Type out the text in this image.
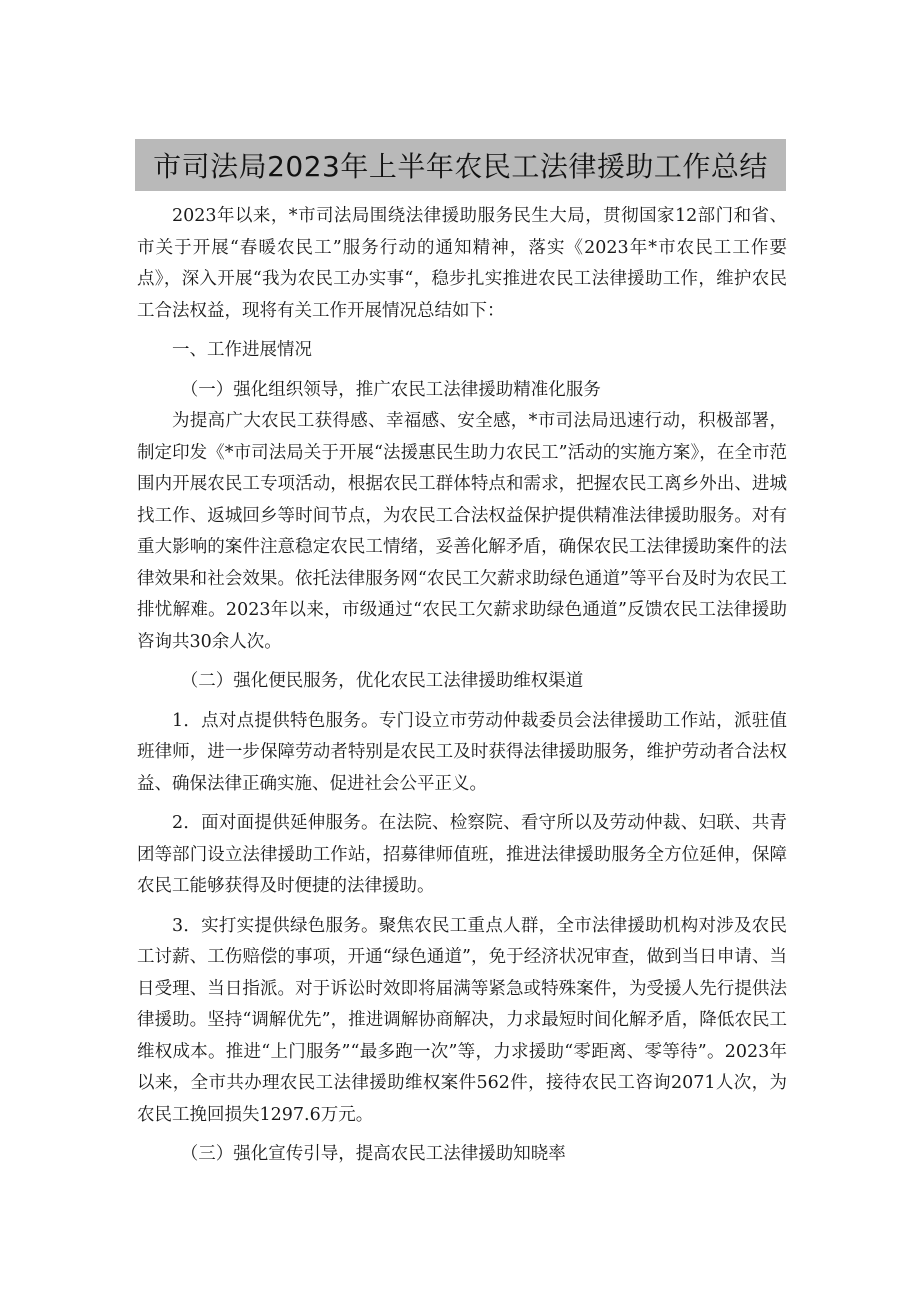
市司法局2023年上半年农民工法律援助工作总结

2023年以来，*市司法局围绕法律援助服务民生大局，贯彻国家12部门和省、市关于开展“春暖农民工”服务行动的通知精神，落实《2023年*市农民工工作要点》，深入开展“我为农民工办实事“，稳步扎实推进农民工法律援助工作，维护农民工合法权益，现将有关工作开展情况总结如下：

一、工作进展情况

（一）强化组织领导，推广农民工法律援助精准化服务

为提高广大农民工获得感、幸福感、安全感，*市司法局迅速行动，积极部署，制定印发《*市司法局关于开展“法援惠民生助力农民工”活动的实施方案》，在全市范围内开展农民工专项活动，根据农民工群体特点和需求，把握农民工离乡外出、进城找工作、返城回乡等时间节点，为农民工合法权益保护提供精准法律援助服务。对有重大影响的案件注意稳定农民工情绪，妥善化解矛盾，确保农民工法律援助案件的法律效果和社会效果。依托法律服务网“农民工欠薪求助绿色通道”等平台及时为农民工排忧解难。2023年以来，市级通过“农民工欠薪求助绿色通道”反馈农民工法律援助咨询共30余人次。

（二）强化便民服务，优化农民工法律援助维权渠道

1．点对点提供特色服务。专门设立市劳动仲裁委员会法律援助工作站，派驻值班律师，进一步保障劳动者特别是农民工及时获得法律援助服务，维护劳动者合法权益、确保法律正确实施、促进社会公平正义。

2．面对面提供延伸服务。在法院、检察院、看守所以及劳动仲裁、妇联、共青团等部门设立法律援助工作站，招募律师值班，推进法律援助服务全方位延伸，保障农民工能够获得及时便捷的法律援助。

3．实打实提供绿色服务。聚焦农民工重点人群，全市法律援助机构对涉及农民工讨薪、工伤赔偿的事项，开通“绿色通道”，免于经济状况审查，做到当日申请、当日受理、当日指派。对于诉讼时效即将届满等紧急或特殊案件，为受援人先行提供法律援助。坚持“调解优先”，推进调解协商解决，力求最短时间化解矛盾，降低农民工维权成本。推进“上门服务”“最多跑一次”等，力求援助“零距离、零等待”。2023年以来，全市共办理农民工法律援助维权案件562件，接待农民工咨询2071人次，为农民工挽回损失1297.6万元。

（三）强化宣传引导，提高农民工法律援助知晓率
